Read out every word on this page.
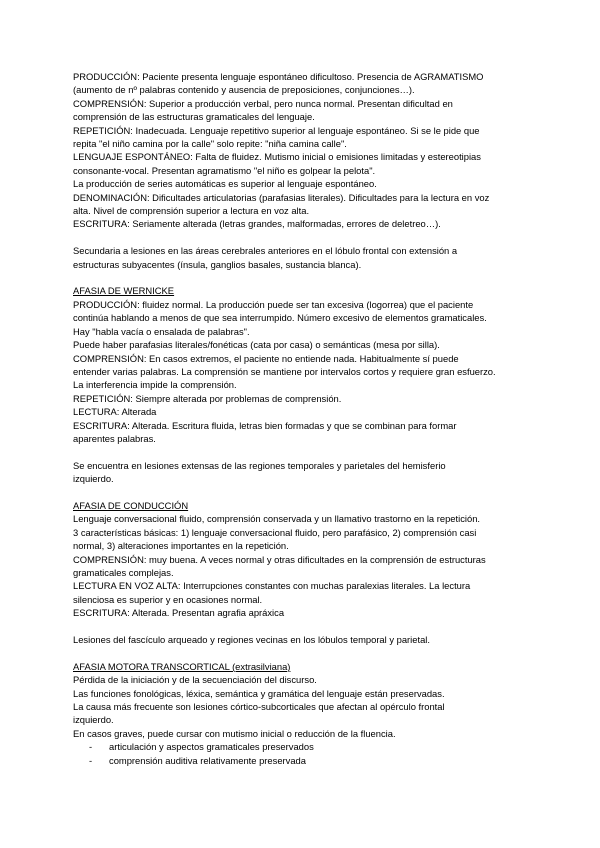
PRODUCCIÓN: Paciente presenta lenguaje espontáneo dificultoso. Presencia de AGRAMATISMO

(aumento de nº palabras contenido y ausencia de preposiciones, conjunciones…).

COMPRENSIÓN: Superior a producción verbal, pero nunca normal. Presentan dificultad en

comprensión de las estructuras gramaticales del lenguaje.

REPETICIÓN: Inadecuada. Lenguaje repetitivo superior al lenguaje espontáneo. Si se le pide que

repita "el niño camina por la calle" solo repite: "niña camina calle".

LENGUAJE ESPONTÁNEO: Falta de fluidez. Mutismo inicial o emisiones limitadas y estereotipias

consonante-vocal. Presentan agramatismo "el niño es golpear la pelota".

La producción de series automáticas es superior al lenguaje espontáneo.

DENOMINACIÓN: Dificultades articulatorias (parafasias literales). Dificultades para la lectura en voz

alta. Nivel de comprensión superior a lectura en voz alta.

ESCRITURA: Seriamente alterada (letras grandes, malformadas, errores de deletreo…).

Secundaria a lesiones en las áreas cerebrales anteriores en el lóbulo frontal con extensión a

estructuras subyacentes (ínsula, ganglios basales, sustancia blanca).

AFASIA DE WERNICKE

PRODUCCIÓN: fluidez normal. La producción puede ser tan excesiva (logorrea) que el paciente

continúa hablando a menos de que sea interrumpido. Número excesivo de elementos gramaticales.

Hay "habla vacía o ensalada de palabras".

Puede haber parafasias literales/fonéticas (cata por casa) o semánticas (mesa por silla).

COMPRENSIÓN: En casos extremos, el paciente no entiende nada. Habitualmente sí puede

entender varias palabras. La comprensión se mantiene por intervalos cortos y requiere gran esfuerzo.

La interferencia impide la comprensión.

REPETICIÓN: Siempre alterada por problemas de comprensión.

LECTURA: Alterada

ESCRITURA: Alterada. Escritura fluida, letras bien formadas y que se combinan para formar

aparentes palabras.

Se encuentra en lesiones extensas de las regiones temporales y parietales del hemisferio

izquierdo.

AFASIA DE CONDUCCIÓN

Lenguaje conversacional fluido, comprensión conservada y un llamativo trastorno en la repetición.

3 características básicas: 1) lenguaje conversacional fluido, pero parafásico, 2) comprensión casi

normal, 3) alteraciones importantes en la repetición.

COMPRENSIÓN: muy buena. A veces normal y otras dificultades en la comprensión de estructuras

gramaticales complejas.

LECTURA EN VOZ ALTA: Interrupciones constantes con muchas paralexias literales. La lectura

silenciosa es superior y en ocasiones normal.

ESCRITURA: Alterada. Presentan agrafia apráxica

Lesiones del fascículo arqueado y regiones vecinas en los lóbulos temporal y parietal.

AFASIA MOTORA TRANSCORTICAL (extrasilviana)

Pérdida de la iniciación y de la secuenciación del discurso.

Las funciones fonológicas, léxica, semántica y gramática del lenguaje están preservadas.

La causa más frecuente son lesiones córtico-subcorticales que afectan al opérculo frontal

izquierdo.

En casos graves, puede cursar con mutismo inicial o reducción de la fluencia.

- articulación y aspectos gramaticales preservados
- comprensión auditiva relativamente preservada
